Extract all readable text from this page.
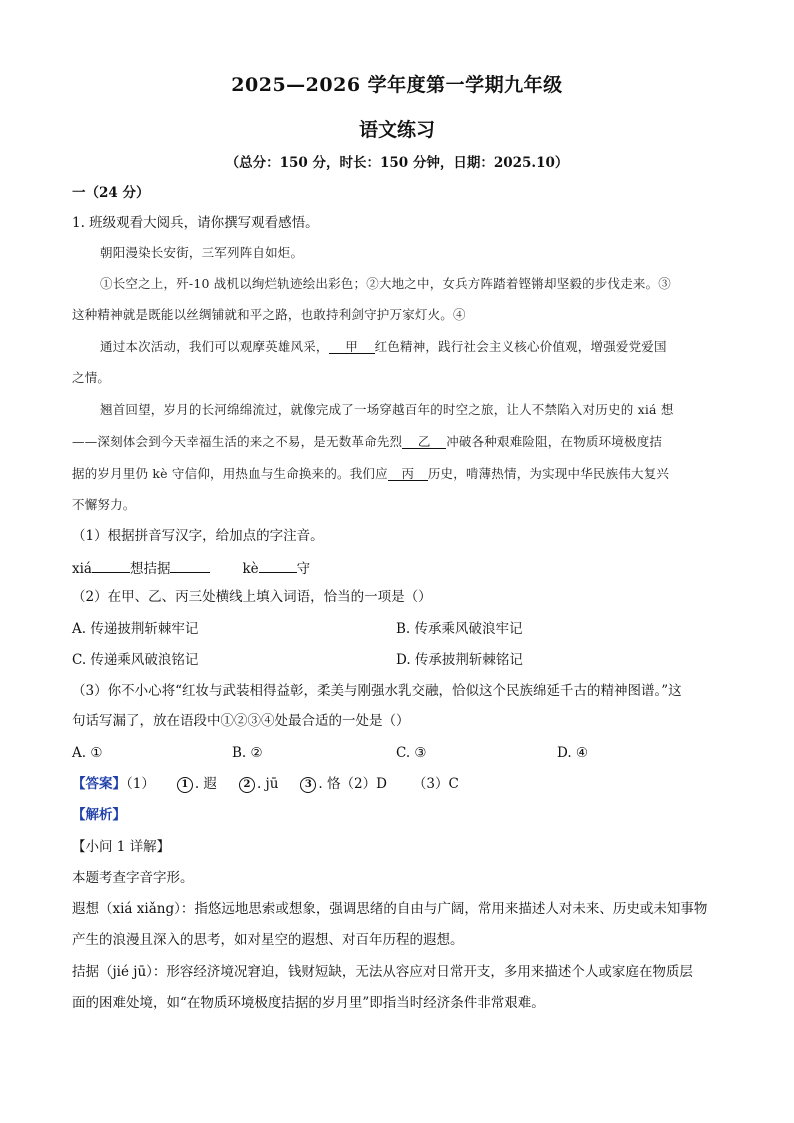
2025—2026 学年度第一学期九年级
语文练习
（总分：150 分，时长：150 分钟，日期：2025.10）
一（24 分）
1. 班级观看大阅兵，请你撰写观看感悟。
朝阳漫染长安街，三军列阵自如炬。
①长空之上，歼-10 战机以绚烂轨迹绘出彩色；②大地之中，女兵方阵踏着铿锵却坚毅的步伐走来。③
这种精神就是既能以丝绸铺就和平之路，也敢持利剑守护万家灯火。④
通过本次活动，我们可以观摩英雄风采， 甲 红色精神，践行社会主义核心价值观，增强爱党爱国
之情。
翘首回望，岁月的长河绵绵流过，就像完成了一场穿越百年的时空之旅，让人不禁陷入对历史的 xiá 想
——深刻体会到今天幸福生活的来之不易，是无数革命先烈 乙 冲破各种艰难险阻，在物质环境极度拮
据的岁月里仍 kè 守信仰，用热血与生命换来的。我们应 丙 历史，啃薄热情，为实现中华民族伟大复兴
不懈努力。
（1）根据拼音写汉字，给加点的字注音。
xiá	想拮据	kè	守
（2）在甲、乙、丙三处横线上填入词语，恰当的一项是（）
A. 传递披荆斩棘牢记	B. 传承乘风破浪牢记
C. 传递乘风破浪铭记	D. 传承披荆斩棘铭记
（3）你不小心将“红妆与武装相得益彰，柔美与刚强水乳交融，恰似这个民族绵延千古的精神图谱。”这
句话写漏了，放在语段中①②③④处最合适的一处是（）
A. ①	B. ②	C. ③	D. ④
【答案】（1）	1 . 遐	2 . jū	3 . 恪（2）D （3）C
【解析】
【小问 1 详解】
本题考查字音字形。
遐想（xiá xiǎng）：指悠远地思索或想象，强调思绪的自由与广阔，常用来描述人对未来、历史或未知事物
产生的浪漫且深入的思考，如对星空的遐想、对百年历程的遐想。
拮据（jié jū）：形容经济境况窘迫，钱财短缺，无法从容应对日常开支，多用来描述个人或家庭在物质层
面的困难处境，如“在物质环境极度拮据的岁月里”即指当时经济条件非常艰难。
